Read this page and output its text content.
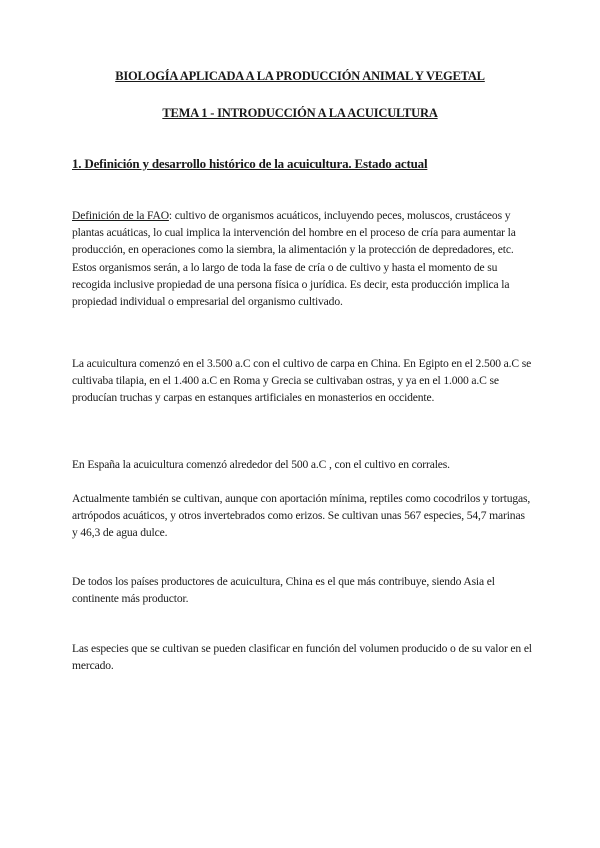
BIOLOGÍA APLICADA A LA PRODUCCIÓN ANIMAL Y VEGETAL
TEMA 1 - INTRODUCCIÓN A LA ACUICULTURA
1. Definición y desarrollo histórico de la acuicultura. Estado actual

Definición de la FAO: cultivo de organismos acuáticos, incluyendo peces, moluscos, crustáceos y plantas acuáticas, lo cual implica la intervención del hombre en el proceso de cría para aumentar la producción, en operaciones como la siembra, la alimentación y la protección de depredadores, etc. Estos organismos serán, a lo largo de toda la fase de cría o de cultivo y hasta el momento de su recogida inclusive propiedad de una persona física o jurídica. Es decir, esta producción implica la propiedad individual o empresarial del organismo cultivado.

La acuicultura comenzó en el 3.500 a.C con el cultivo de carpa en China. En Egipto en el 2.500 a.C se cultivaba tilapia, en el 1.400 a.C en Roma y Grecia se cultivaban ostras, y ya en el 1.000 a.C se producían truchas y carpas en estanques artificiales en monasterios en occidente.

En España la acuicultura comenzó alrededor del 500 a.C , con el cultivo en corrales.

Actualmente también se cultivan, aunque con aportación mínima, reptiles como cocodrilos y tortugas, artrópodos acuáticos, y otros invertebrados como erizos. Se cultivan unas 567 especies, 54,7 marinas y 46,3 de agua dulce.

De todos los países productores de acuicultura, China es el que más contribuye, siendo Asia el continente más productor.

Las especies que se cultivan se pueden clasificar en función del volumen producido o de su valor en el mercado.
